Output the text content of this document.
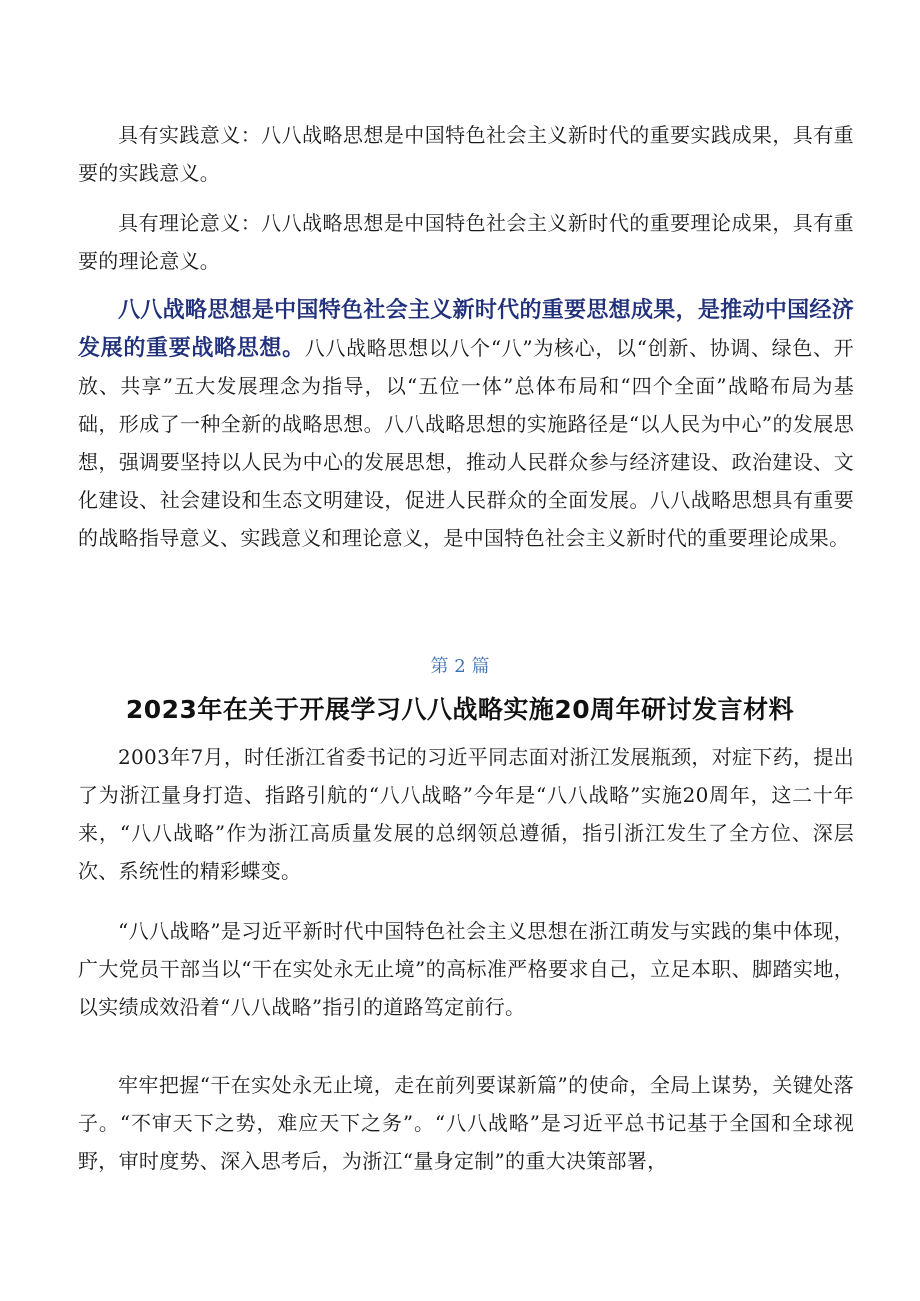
具有实践意义：八八战略思想是中国特色社会主义新时代的重要实践成果，具有重要的实践意义。

具有理论意义：八八战略思想是中国特色社会主义新时代的重要理论成果，具有重要的理论意义。

八八战略思想是中国特色社会主义新时代的重要思想成果，是推动中国经济发展的重要战略思想。八八战略思想以八个“八”为核心，以“创新、协调、绿色、开放、共享”五大发展理念为指导，以“五位一体”总体布局和“四个全面”战略布局为基础，形成了一种全新的战略思想。八八战略思想的实施路径是“以人民为中心”的发展思想，强调要坚持以人民为中心的发展思想，推动人民群众参与经济建设、政治建设、文化建设、社会建设和生态文明建设，促进人民群众的全面发展。八八战略思想具有重要的战略指导意义、实践意义和理论意义，是中国特色社会主义新时代的重要理论成果。

第 2 篇
2023年在关于开展学习八八战略实施20周年研讨发言材料

2003年7月，时任浙江省委书记的习近平同志面对浙江发展瓶颈，对症下药，提出了为浙江量身打造、指路引航的“八八战略”今年是“八八战略”实施20周年，这二十年来，“八八战略”作为浙江高质量发展的总纲领总遵循，指引浙江发生了全方位、深层次、系统性的精彩蝶变。

“八八战略”是习近平新时代中国特色社会主义思想在浙江萌发与实践的集中体现，广大党员干部当以“干在实处永无止境”的高标准严格要求自己，立足本职、脚踏实地，以实绩成效沿着“八八战略”指引的道路笃定前行。

牢牢把握“干在实处永无止境，走在前列要谋新篇”的使命，全局上谋势，关键处落子。“不审天下之势，难应天下之务”。“八八战略”是习近平总书记基于全国和全球视野，审时度势、深入思考后，为浙江“量身定制”的重大决策部署，
